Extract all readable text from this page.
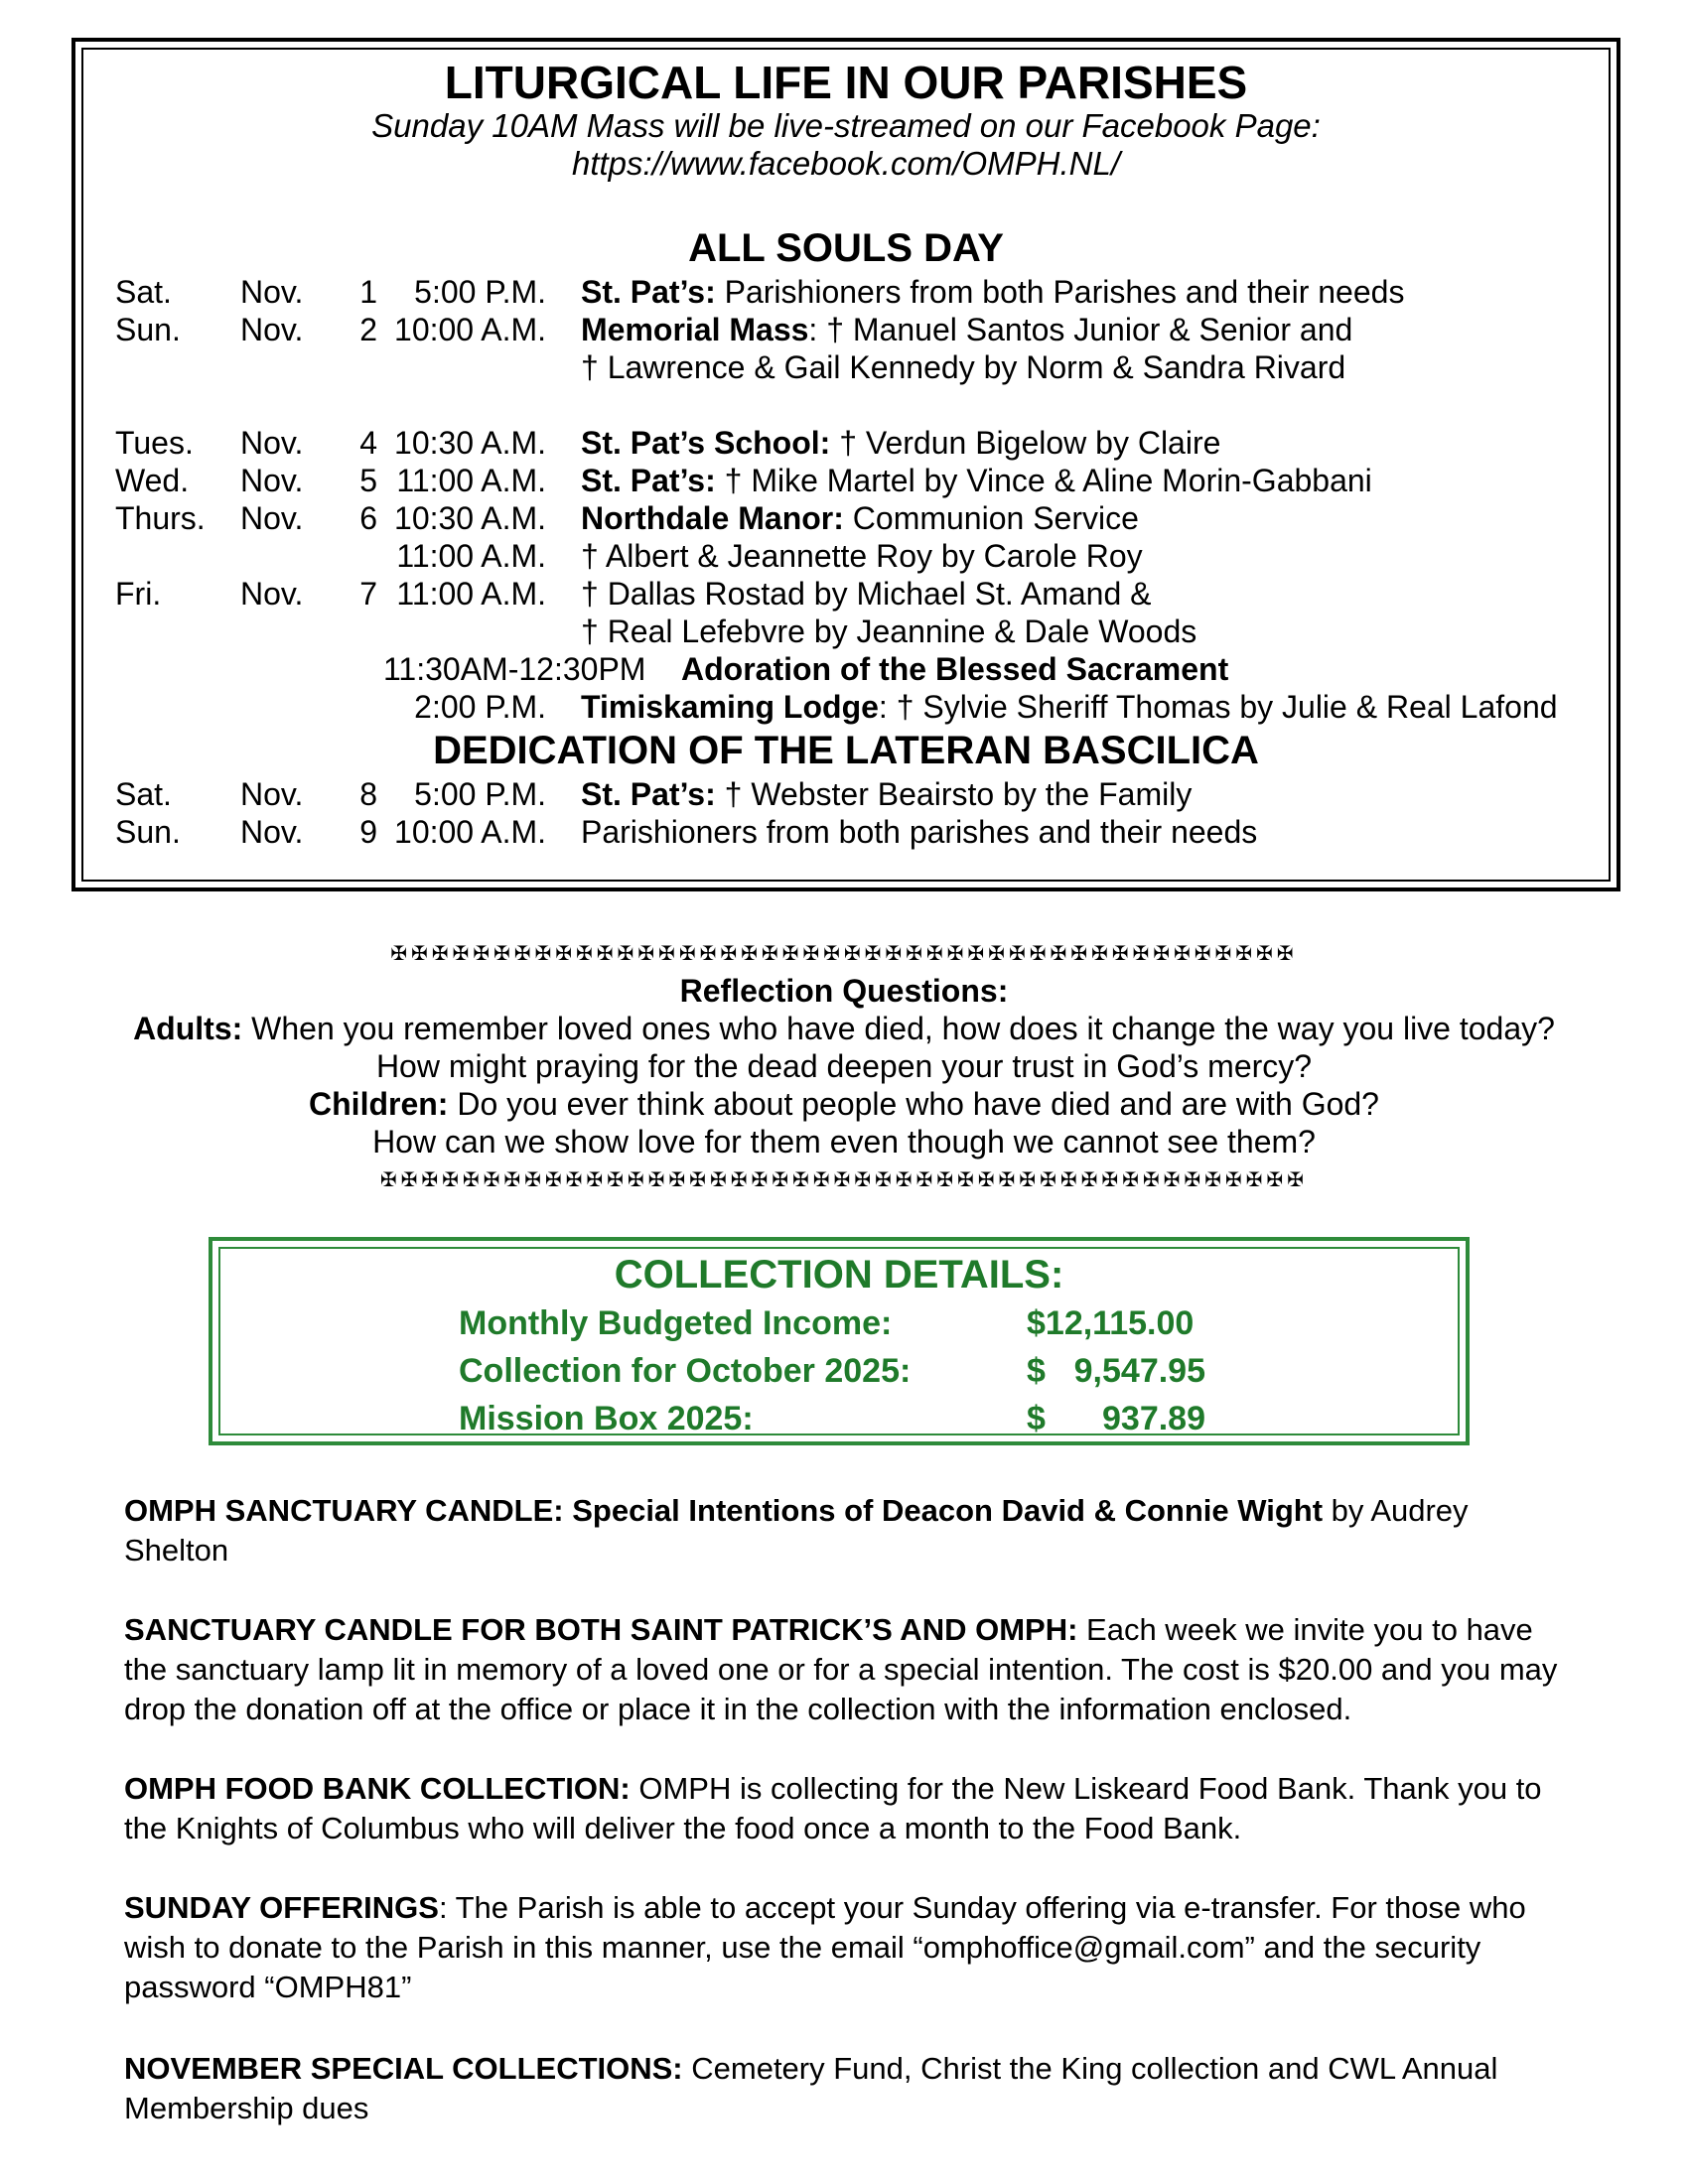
LITURGICAL LIFE IN OUR PARISHES
Sunday 10AM Mass will be live-streamed on our Facebook Page:
https://www.facebook.com/OMPH.NL/
ALL SOULS DAY
Sat. Nov.	1	5:00 P.M. St. Pat’s: Parishioners from both Parishes and their needs
Sun. Nov.	2 10:00 A.M. Memorial Mass: † Manuel Santos Junior & Senior and
† Lawrence & Gail Kennedy by Norm & Sandra Rivard
Tues. Nov.	4 10:30 A.M. St. Pat’s School: † Verdun Bigelow by Claire
Wed. Nov.	5 11:00 A.M. St. Pat’s: † Mike Martel by Vince & Aline Morin-Gabbani
Thurs. Nov.	6 10:30 A.M. Northdale Manor: Communion Service
11:00 A.M. † Albert & Jeannette Roy by Carole Roy
Fri. Nov.	7 11:00 A.M. † Dallas Rostad by Michael St. Amand &
† Real Lefebvre by Jeannine & Dale Woods
11:30AM-12:30PM Adoration of the Blessed Sacrament
2:00 P.M. Timiskaming Lodge: † Sylvie Sheriff Thomas by Julie & Real Lafond
DEDICATION OF THE LATERAN BASCILICA
Sat. Nov.	8	5:00 P.M. St. Pat’s: † Webster Beairsto by the Family
Sun. Nov.	9 10:00 A.M. Parishioners from both parishes and their needs
✠✠✠✠✠✠✠✠✠✠✠✠✠✠✠✠✠✠✠✠✠✠✠✠✠✠✠✠✠✠✠✠✠✠✠✠✠✠✠✠✠✠✠✠
Reflection Questions:
Adults: When you remember loved ones who have died, how does it change the way you live today?
How might praying for the dead deepen your trust in God’s mercy?
Children: Do you ever think about people who have died and are with God?
How can we show love for them even though we cannot see them?
✠✠✠✠✠✠✠✠✠✠✠✠✠✠✠✠✠✠✠✠✠✠✠✠✠✠✠✠✠✠✠✠✠✠✠✠✠✠✠✠✠✠✠✠✠
COLLECTION DETAILS:
Monthly Budgeted Income:	$12,115.00
Collection for October 2025:	$ 9,547.95
Mission Box 2025:	$	937.89
OMPH SANCTUARY CANDLE: Special Intentions of Deacon David & Connie Wight by Audrey Shelton
SANCTUARY CANDLE FOR BOTH SAINT PATRICK’S AND OMPH: Each week we invite you to have the sanctuary lamp lit in memory of a loved one or for a special intention. The cost is $20.00 and you may drop the donation off at the office or place it in the collection with the information enclosed.
OMPH FOOD BANK COLLECTION: OMPH is collecting for the New Liskeard Food Bank. Thank you to the Knights of Columbus who will deliver the food once a month to the Food Bank.
SUNDAY OFFERINGS: The Parish is able to accept your Sunday offering via e-transfer. For those who wish to donate to the Parish in this manner, use the email “omphoffice@gmail.com” and the security password “OMPH81”
NOVEMBER SPECIAL COLLECTIONS: Cemetery Fund, Christ the King collection and CWL Annual Membership dues
